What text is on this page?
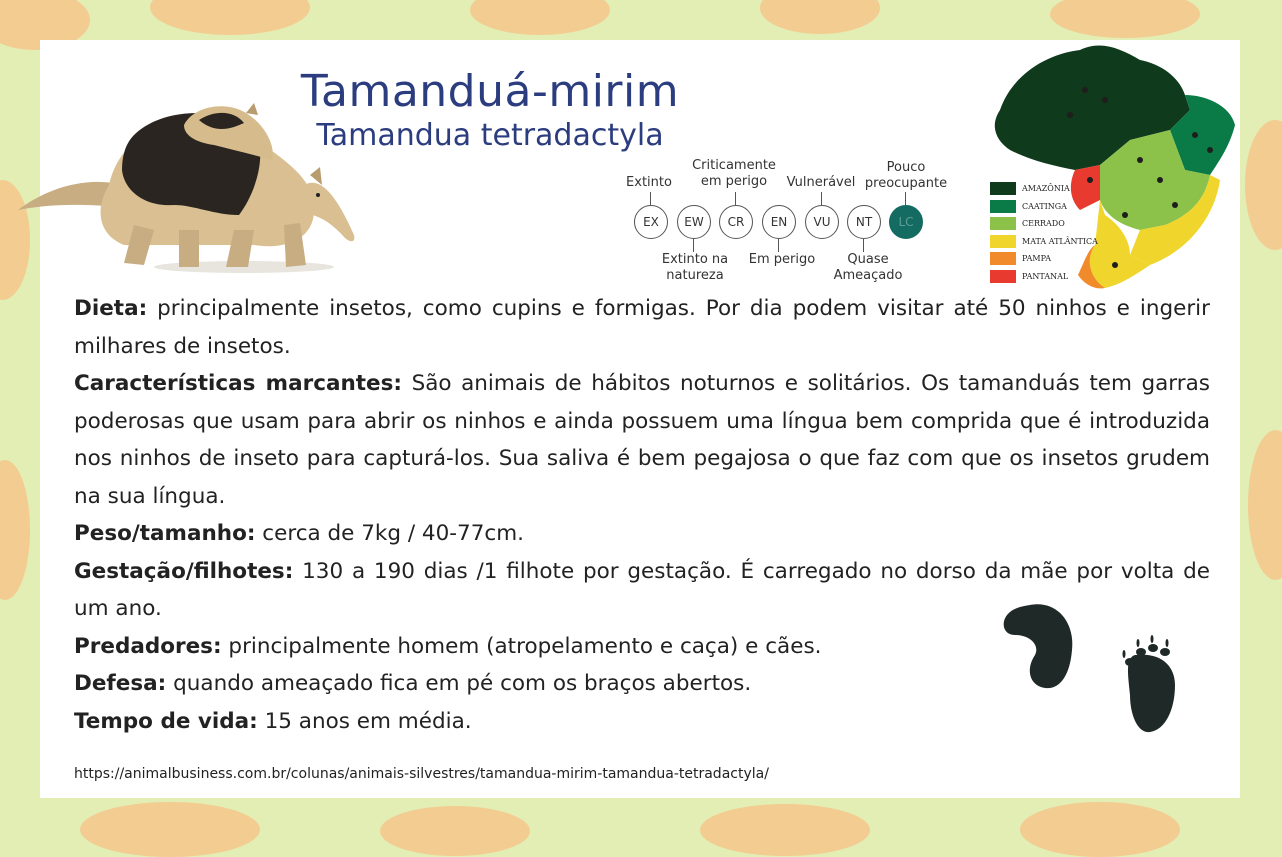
Tamanduá-mirim
Tamandua tetradactyla
Extinto
Criticamente
em perigo	Vulnerável
Pouco
preocupante
EX	EW	CR	EN	VU	NT	LC
Extinto na
natureza
Em perigo	Quase
Ameaçado
AMAZÔNIA
CAATINGA
CERRADO
MATA ATLÂNTICA
PAMPA
PANTANAL

Dieta: principalmente insetos, como cupins e formigas. Por dia podem visitar até 50 ninhos e ingerir milhares de insetos.

Características marcantes: São animais de hábitos noturnos e solitários. Os tamanduás tem garras poderosas que usam para abrir os ninhos e ainda possuem uma língua bem comprida que é introduzida nos ninhos de inseto para capturá-los. Sua saliva é bem pegajosa o que faz com que os insetos grudem na sua língua.

Peso/tamanho: cerca de 7kg / 40-77cm.

Gestação/filhotes: 130 a 190 dias /1 filhote por gestação. É carregado no dorso da mãe por volta de um ano.

Predadores: principalmente homem (atropelamento e caça) e cães.

Defesa: quando ameaçado fica em pé com os braços abertos.

Tempo de vida: 15 anos em média.

https://animalbusiness.com.br/colunas/animais-silvestres/tamandua-mirim-tamandua-tetradactyla/
